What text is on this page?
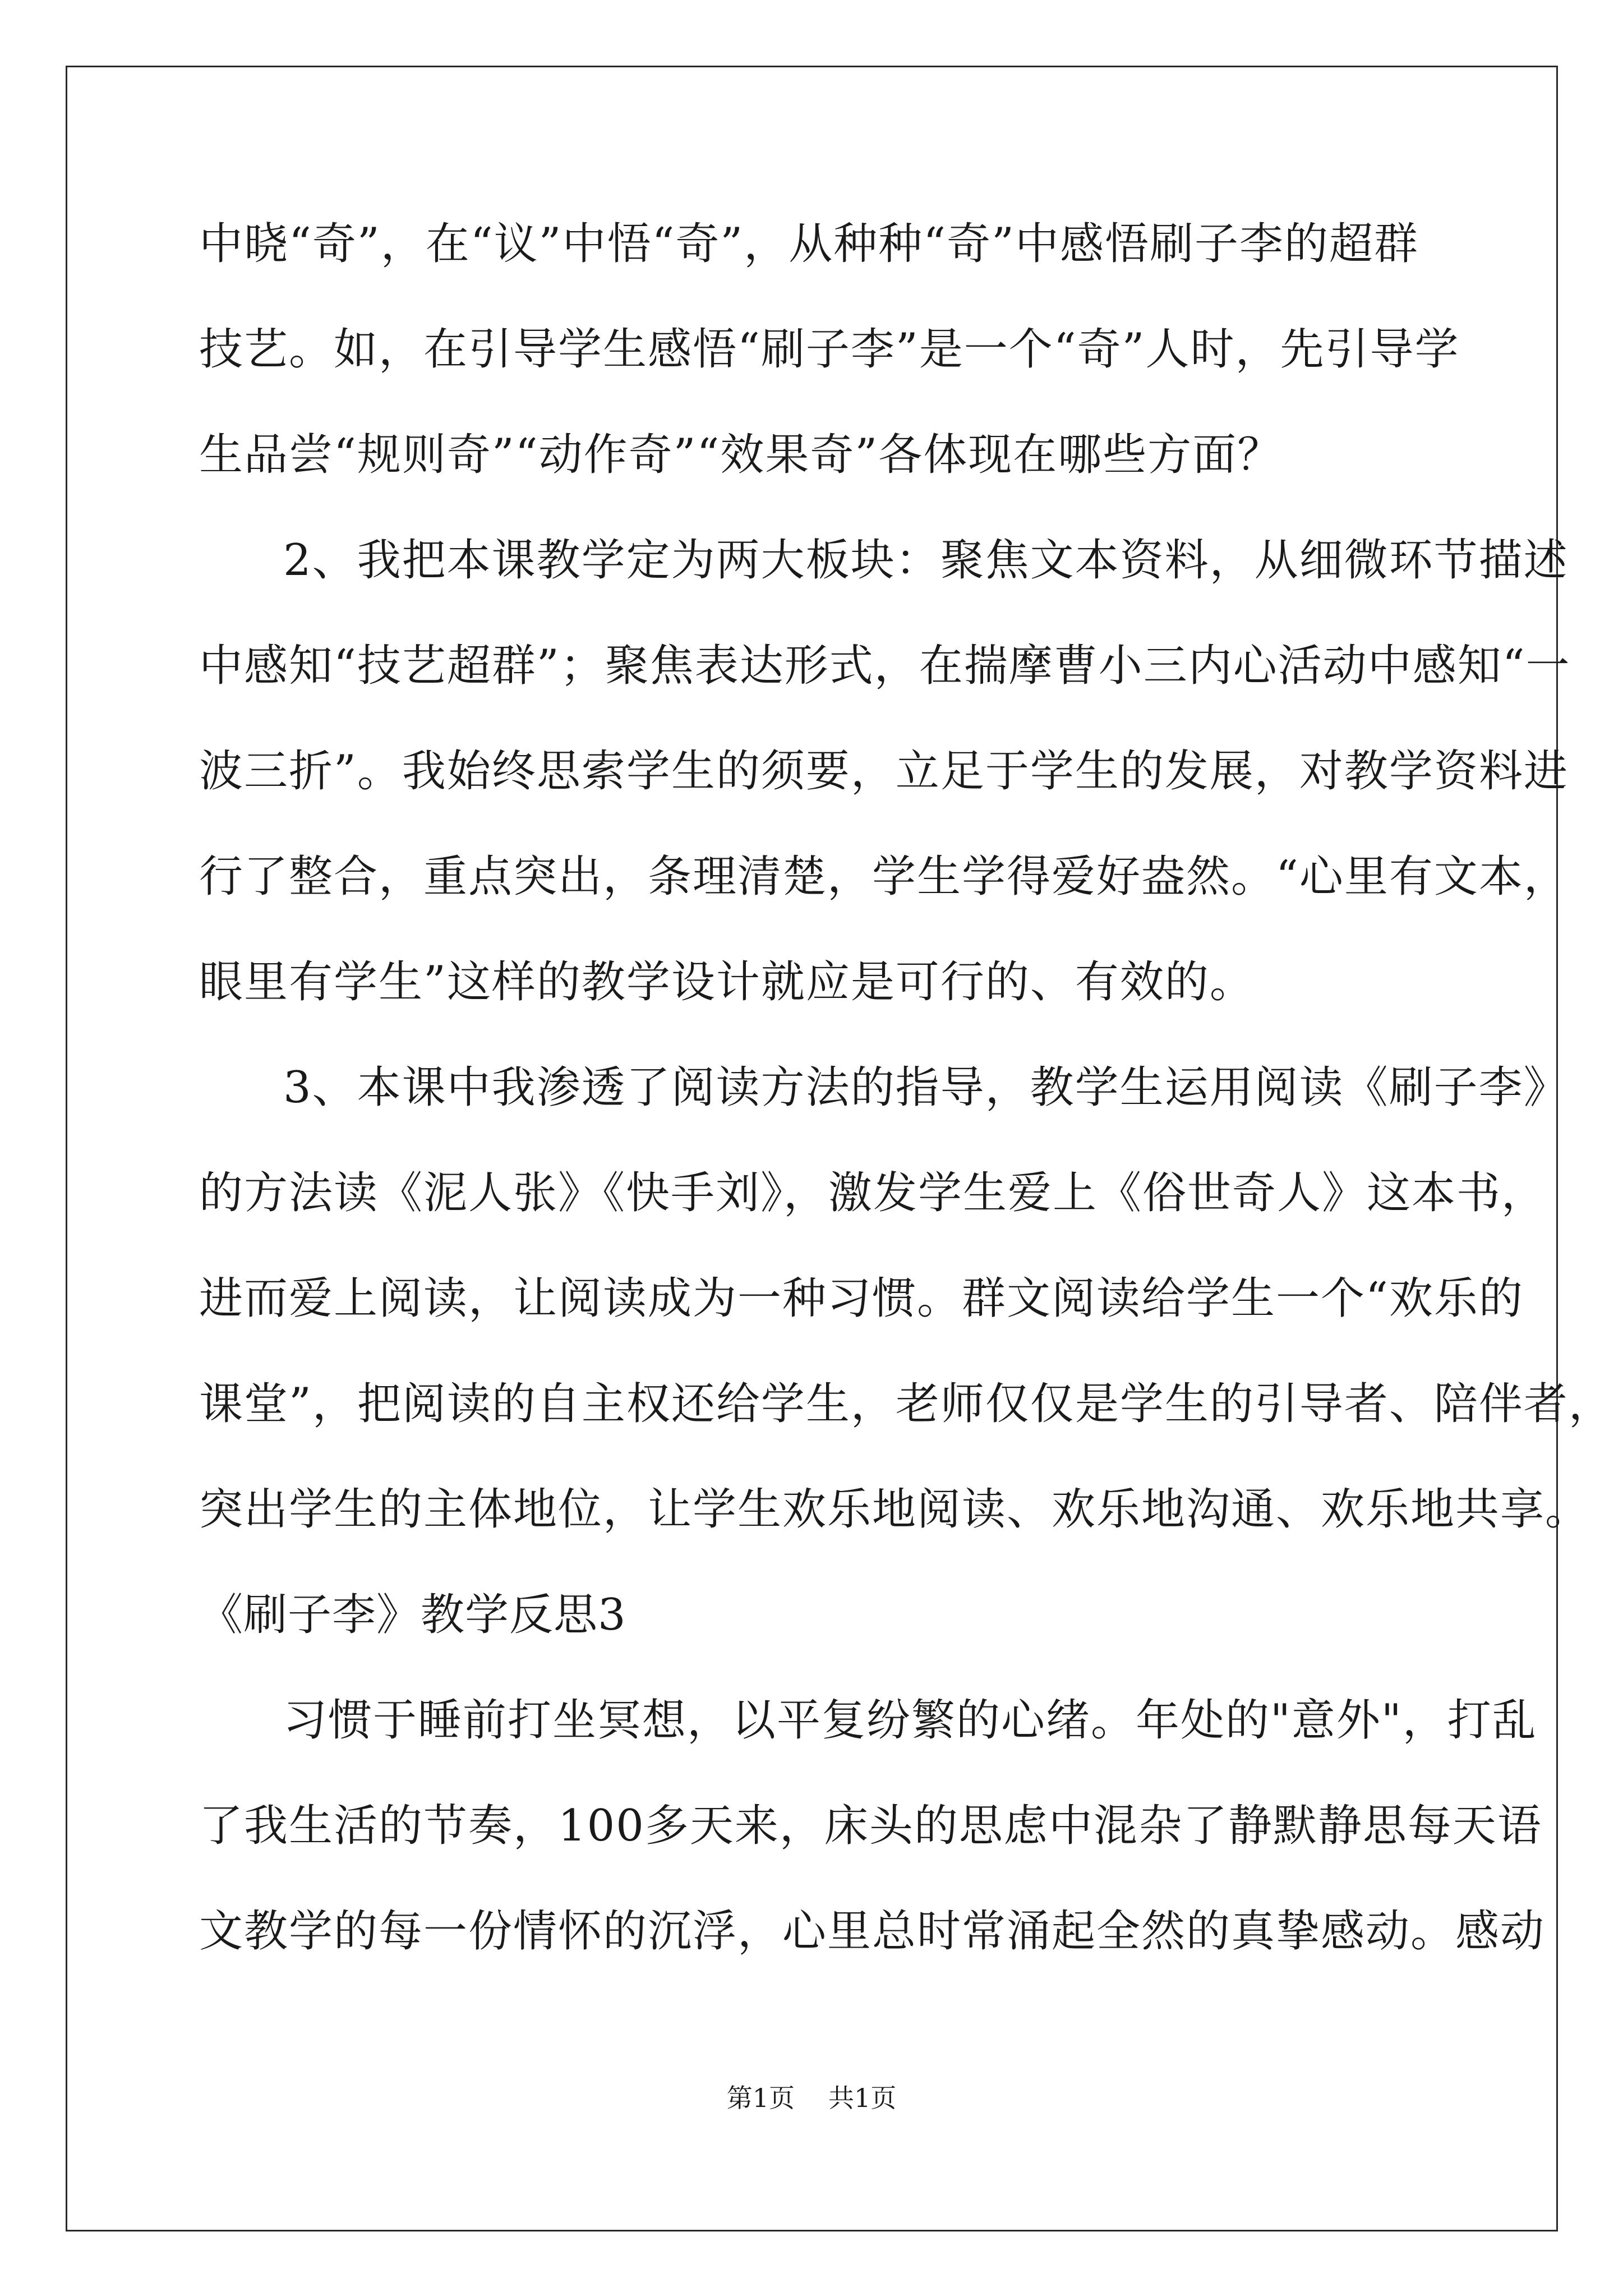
中晓“奇”，在“议”中悟“奇”，从种种“奇”中感悟刷子李的超群
技艺。如，在引导学生感悟“刷子李”是一个“奇”人时，先引导学
生品尝“规则奇”“动作奇”“效果奇”各体现在哪些方面？
2、我把本课教学定为两大板块：聚焦文本资料，从细微环节描述
中感知“技艺超群”；聚焦表达形式，在揣摩曹小三内心活动中感知“一
波三折”。我始终思索学生的须要，立足于学生的发展，对教学资料进
行了整合，重点突出，条理清楚，学生学得爱好盎然。“心里有文本，
眼里有学生”这样的教学设计就应是可行的、有效的。
3、本课中我渗透了阅读方法的指导，教学生运用阅读《刷子李》
的方法读《泥人张》《快手刘》，激发学生爱上《俗世奇人》这本书，
进而爱上阅读，让阅读成为一种习惯。群文阅读给学生一个“欢乐的
课堂”，把阅读的自主权还给学生，老师仅仅是学生的引导者、陪伴者，
突出学生的主体地位，让学生欢乐地阅读、欢乐地沟通、欢乐地共享。
《刷子李》教学反思3
习惯于睡前打坐冥想，以平复纷繁的心绪。年处的"意外"，打乱
了我生活的节奏，100多天来，床头的思虑中混杂了静默静思每天语
文教学的每一份情怀的沉浮，心里总时常涌起全然的真挚感动。感动
第1页 共1页
